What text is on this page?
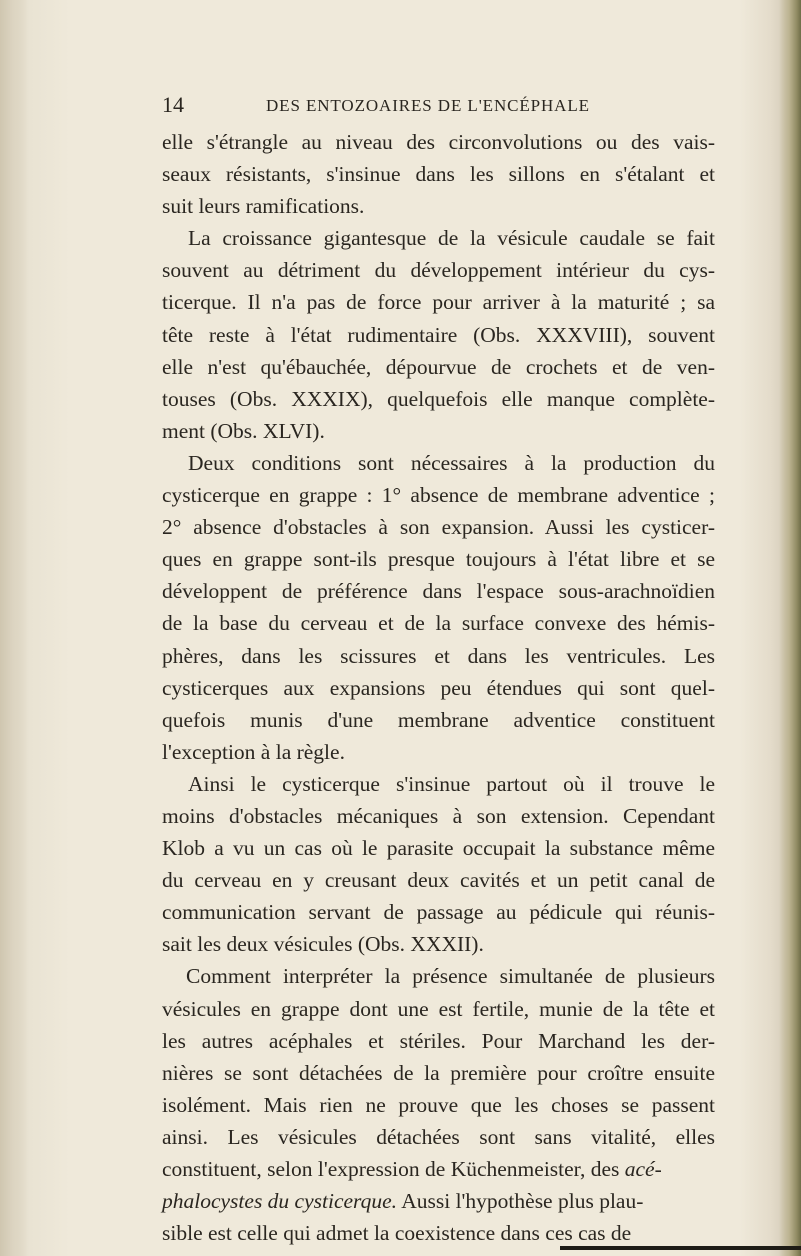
14	DES ENTOZOAIRES DE L'ENCÉPHALE
elle s'étrangle au niveau des circonvolutions ou des vais-
seaux résistants, s'insinue dans les sillons en s'étalant et
suit leurs ramifications.
La croissance gigantesque de la vésicule caudale se fait
souvent au détriment du développement intérieur du cys-
ticerque. Il n'a pas de force pour arriver à la maturité ; sa
tête reste à l'état rudimentaire (Obs. XXXVIII), souvent
elle n'est qu'ébauchée, dépourvue de crochets et de ven-
touses (Obs. XXXIX), quelquefois elle manque complète-
ment (Obs. XLVI).
Deux conditions sont nécessaires à la production du
cysticerque en grappe : 1° absence de membrane adventice ;
2° absence d'obstacles à son expansion. Aussi les cysticer-
ques en grappe sont-ils presque toujours à l'état libre et se
développent de préférence dans l'espace sous-arachnoïdien
de la base du cerveau et de la surface convexe des hémis-
phères, dans les scissures et dans les ventricules. Les
cysticerques aux expansions peu étendues qui sont quel-
quefois munis d'une membrane adventice constituent
l'exception à la règle.
Ainsi le cysticerque s'insinue partout où il trouve le
moins d'obstacles mécaniques à son extension. Cependant
Klob a vu un cas où le parasite occupait la substance même
du cerveau en y creusant deux cavités et un petit canal de
communication servant de passage au pédicule qui réunis-
sait les deux vésicules (Obs. XXXII).
Comment interpréter la présence simultanée de plusieurs
vésicules en grappe dont une est fertile, munie de la tête et
les autres acéphales et stériles. Pour Marchand les der-
nières se sont détachées de la première pour croître ensuite
isolément. Mais rien ne prouve que les choses se passent
ainsi. Les vésicules détachées sont sans vitalité, elles
constituent, selon l'expression de Küchenmeister, des acé-
phalocystes du cysticerque. Aussi l'hypothèse plus plau-
sible est celle qui admet la coexistence dans ces cas de
